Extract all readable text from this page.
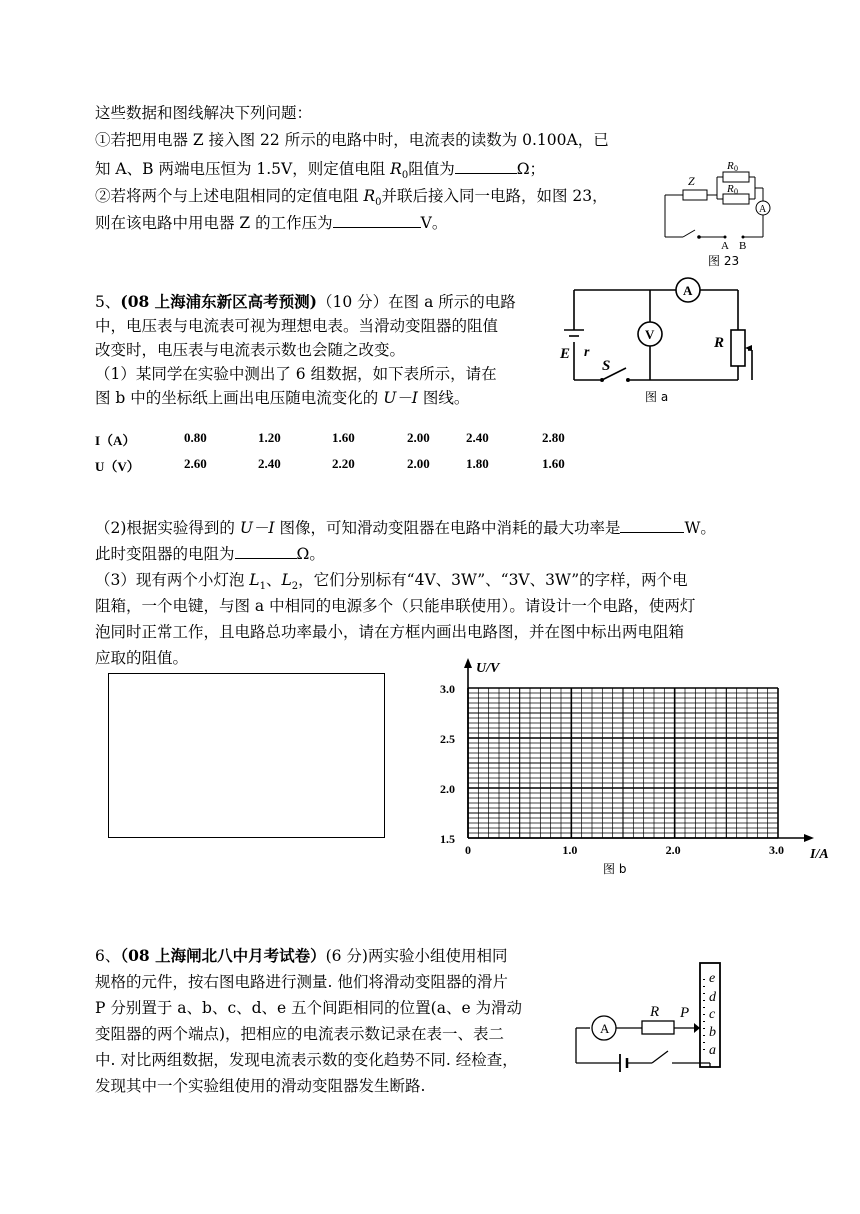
这些数据和图线解决下列问题：
①若把用电器 Z 接入图 22 所示的电路中时，电流表的读数为 0.100A，已
知 A、B 两端电压恒为 1.5V，则定值电阻 $R_0$阻值为	Ω；
②若将两个与上述电阻相同的定值电阻 $R_0$并联后接入同一电路，如图 23，
则在该电路中用电器 Z 的工作压为	V。
Z
R 0
R 0
A
A B
图 23
5、(08 上海浦东新区高考预测)（10 分）在图 a 所示的电路
中，电压表与电流表可视为理想电表。当滑动变阻器的阻值
改变时，电压表与电流表示数也会随之改变。
（1）某同学在实验中测出了 6 组数据，如下表所示，请在
图 b 中的坐标纸上画出电压随电流变化的 U－I 图线。
A
V
E r
S
R
图 a
I（A）
U（V）
0.80	1.20	1.60	2.00	2.40	2.80
2.60	2.40	2.20	2.00	1.80	1.60
（2)根据实验得到的 U－I 图像，可知滑动变阻器在电路中消耗的最大功率是	W。
此时变阻器的电阻为	Ω。
（3）现有两个小灯泡 $L_1$、$L_2$，它们分别标有“4V、3W”、“3V、3W”的字样，两个电
阻箱，一个电键，与图 a 中相同的电源多个（只能串联使用）。请设计一个电路，使两灯
泡同时正常工作，且电路总功率最小，请在方框内画出电路图，并在图中标出两电阻箱
应取的阻值。
0	1.0	2.0	3.0
1.5
2.0
2.5
3.0
I/A
U/V
图 b
6、（08 上海闸北八中月考试卷）(6 分)两实验小组使用相同
规格的元件，按右图电路进行测量. 他们将滑动变阻器的滑片
P 分别置于 a、b、c、d、e 五个间距相同的位置(a、e 为滑动
变阻器的两个端点)，把相应的电流表示数记录在表一、表二
中. 对比两组数据，发现电流表示数的变化趋势不同. 经检查，
发现其中一个实验组使用的滑动变阻器发生断路.
A
R P
e
d
c
b
a
